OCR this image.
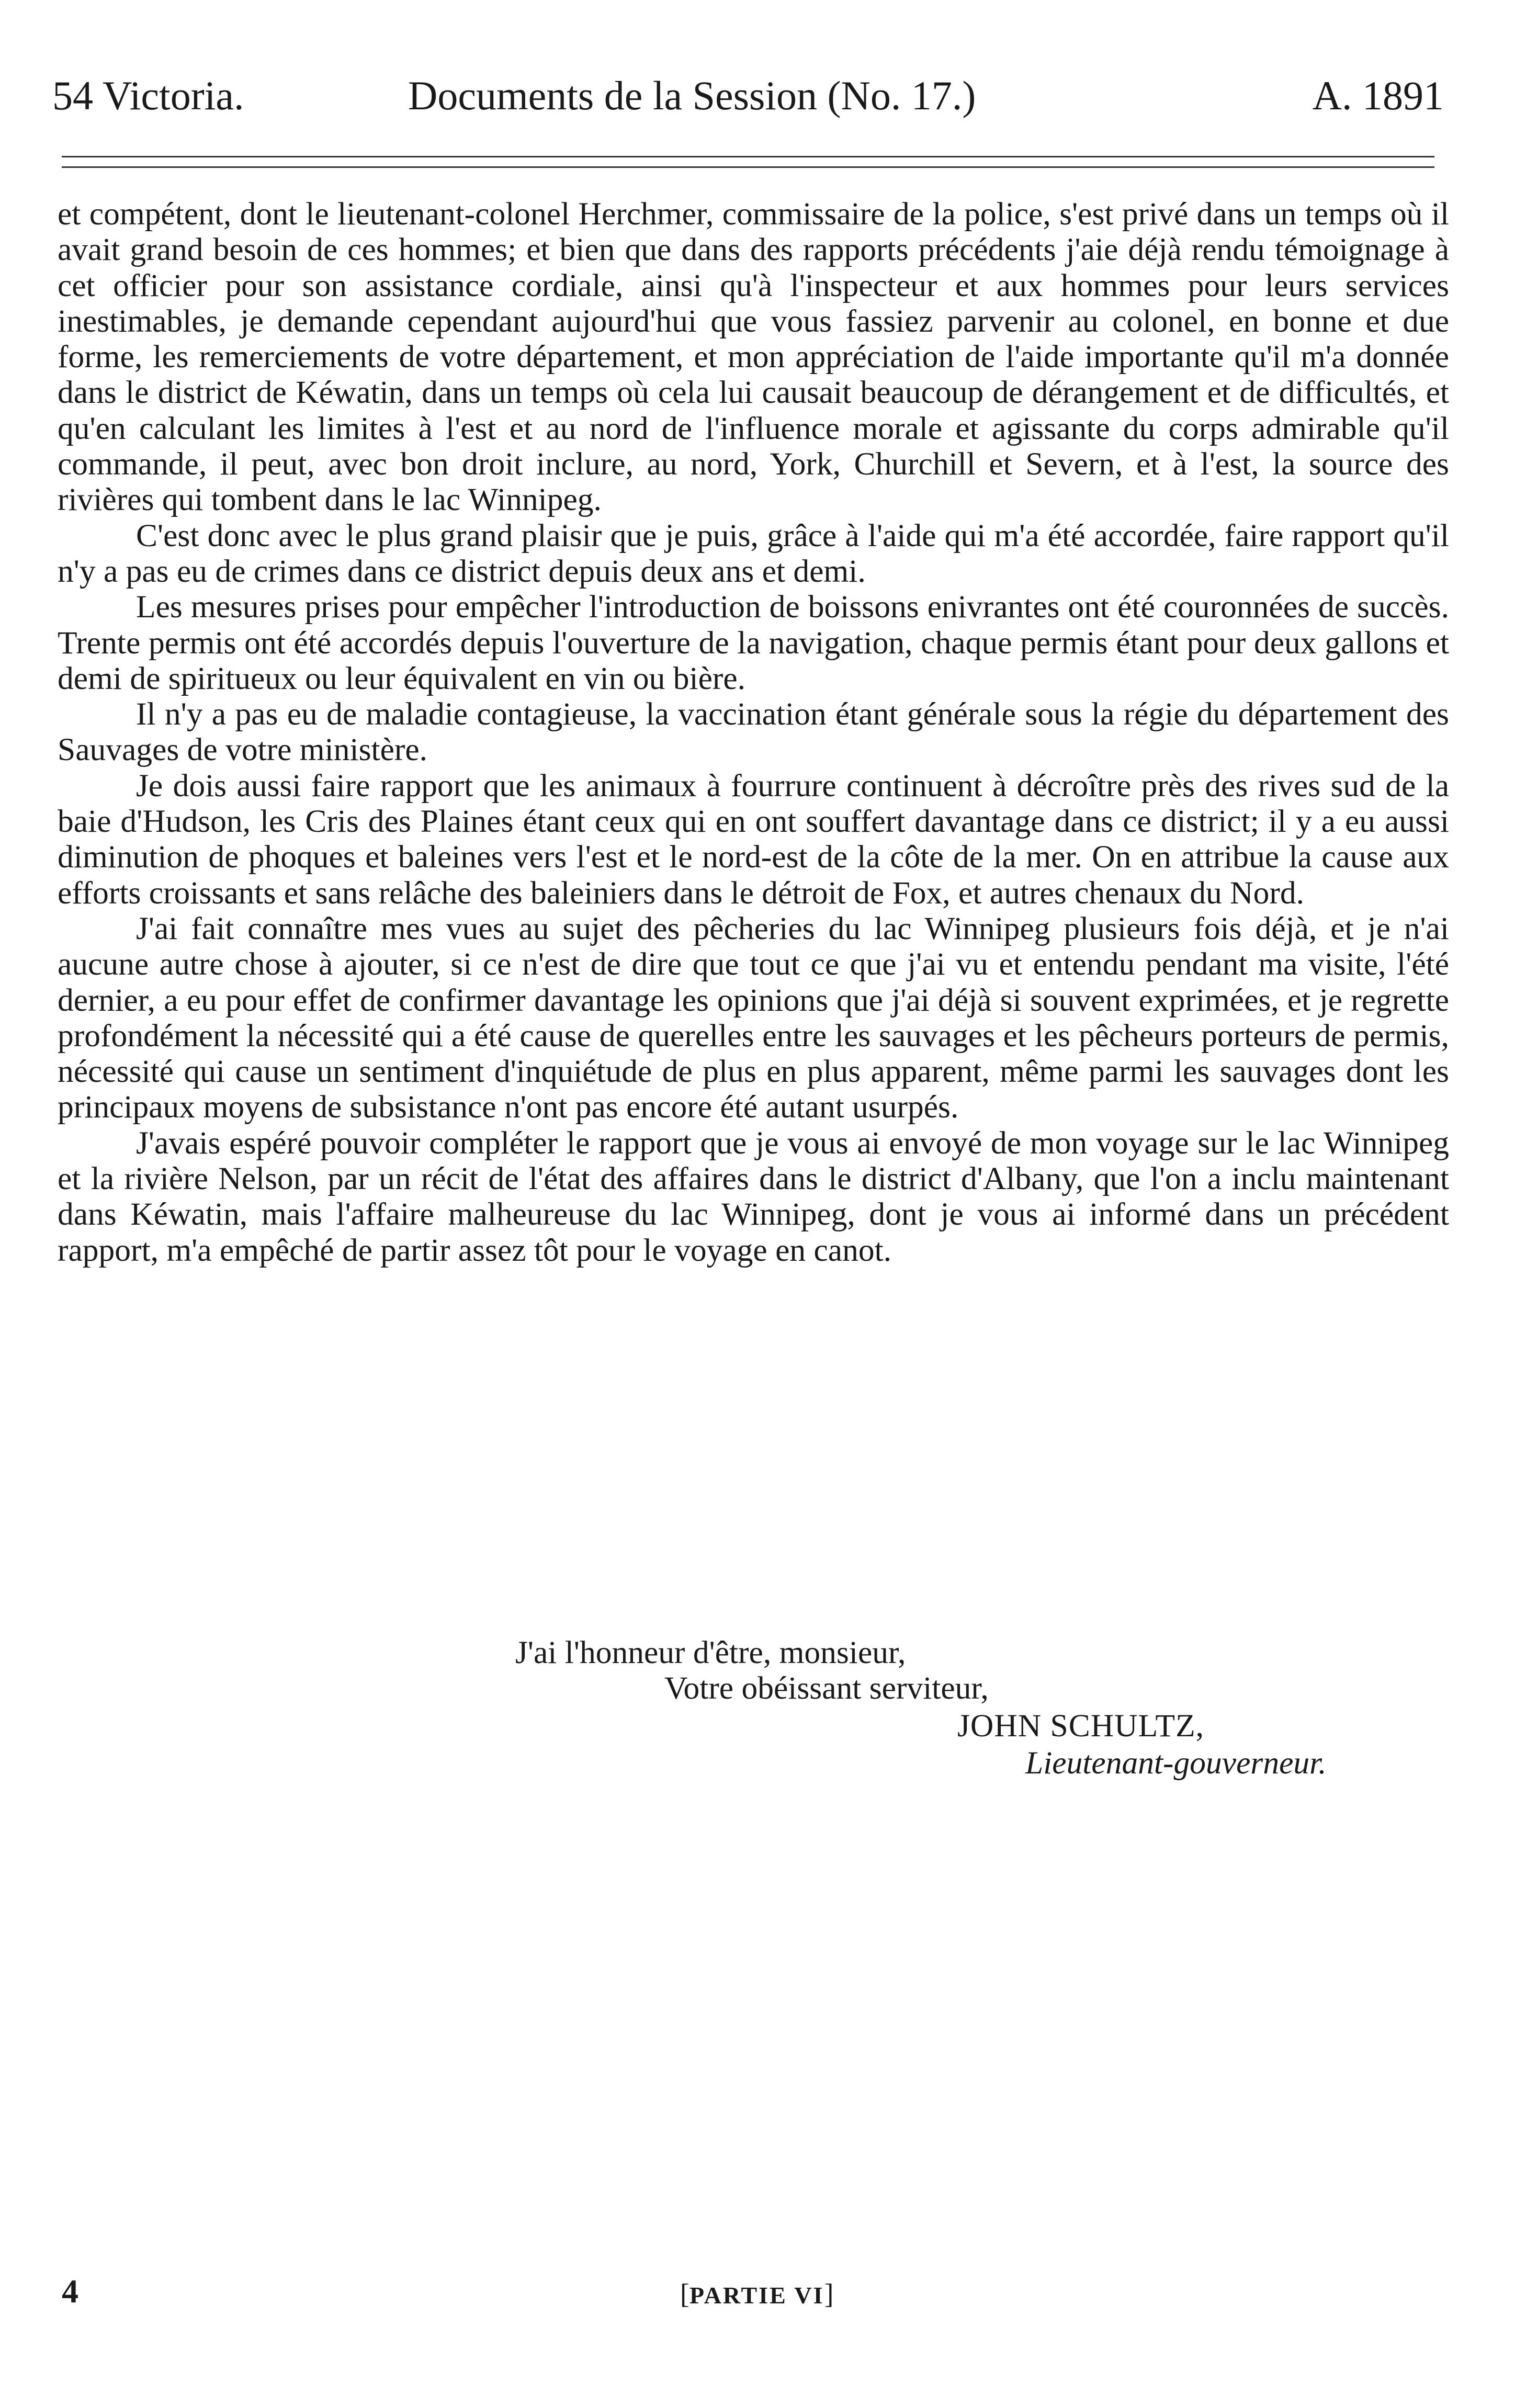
54 Victoria.	Documents de la Session (No. 17.)	A. 1891

et compétent, dont le lieutenant-colonel Herchmer, commissaire de la police, s'est privé dans un temps où il avait grand besoin de ces hommes; et bien que dans des rapports précédents j'aie déjà rendu témoignage à cet officier pour son assistance cordiale, ainsi qu'à l'inspecteur et aux hommes pour leurs services inestimables, je demande cependant aujourd'hui que vous fassiez parvenir au colonel, en bonne et due forme, les remerciements de votre département, et mon appréciation de l'aide importante qu'il m'a donnée dans le district de Kéwatin, dans un temps où cela lui causait beaucoup de dérangement et de difficultés, et qu'en calculant les limites à l'est et au nord de l'influence morale et agissante du corps admirable qu'il commande, il peut, avec bon droit inclure, au nord, York, Churchill et Severn, et à l'est, la source des rivières qui tombent dans le lac Winnipeg.

C'est donc avec le plus grand plaisir que je puis, grâce à l'aide qui m'a été accordée, faire rapport qu'il n'y a pas eu de crimes dans ce district depuis deux ans et demi.

Les mesures prises pour empêcher l'introduction de boissons enivrantes ont été couronnées de succès. Trente permis ont été accordés depuis l'ouverture de la navigation, chaque permis étant pour deux gallons et demi de spiritueux ou leur équivalent en vin ou bière.

Il n'y a pas eu de maladie contagieuse, la vaccination étant générale sous la régie du département des Sauvages de votre ministère.

Je dois aussi faire rapport que les animaux à fourrure continuent à décroître près des rives sud de la baie d'Hudson, les Cris des Plaines étant ceux qui en ont souffert davantage dans ce district; il y a eu aussi diminution de phoques et baleines vers l'est et le nord-est de la côte de la mer. On en attribue la cause aux efforts croissants et sans relâche des baleiniers dans le détroit de Fox, et autres chenaux du Nord.

J'ai fait connaître mes vues au sujet des pêcheries du lac Winnipeg plusieurs fois déjà, et je n'ai aucune autre chose à ajouter, si ce n'est de dire que tout ce que j'ai vu et entendu pendant ma visite, l'été dernier, a eu pour effet de confirmer davantage les opinions que j'ai déjà si souvent exprimées, et je regrette profondément la nécessité qui a été cause de querelles entre les sauvages et les pêcheurs porteurs de permis, nécessité qui cause un sentiment d'inquiétude de plus en plus apparent, même parmi les sauvages dont les principaux moyens de subsistance n'ont pas encore été autant usurpés.

J'avais espéré pouvoir compléter le rapport que je vous ai envoyé de mon voyage sur le lac Winnipeg et la rivière Nelson, par un récit de l'état des affaires dans le district d'Albany, que l'on a inclu maintenant dans Kéwatin, mais l'affaire malheureuse du lac Winnipeg, dont je vous ai informé dans un précédent rapport, m'a empêché de partir assez tôt pour le voyage en canot.

J'ai l'honneur d'être, monsieur,
Votre obéissant serviteur,
JOHN SCHULTZ,
Lieutenant-gouverneur.
4	[PARTIE VI]
